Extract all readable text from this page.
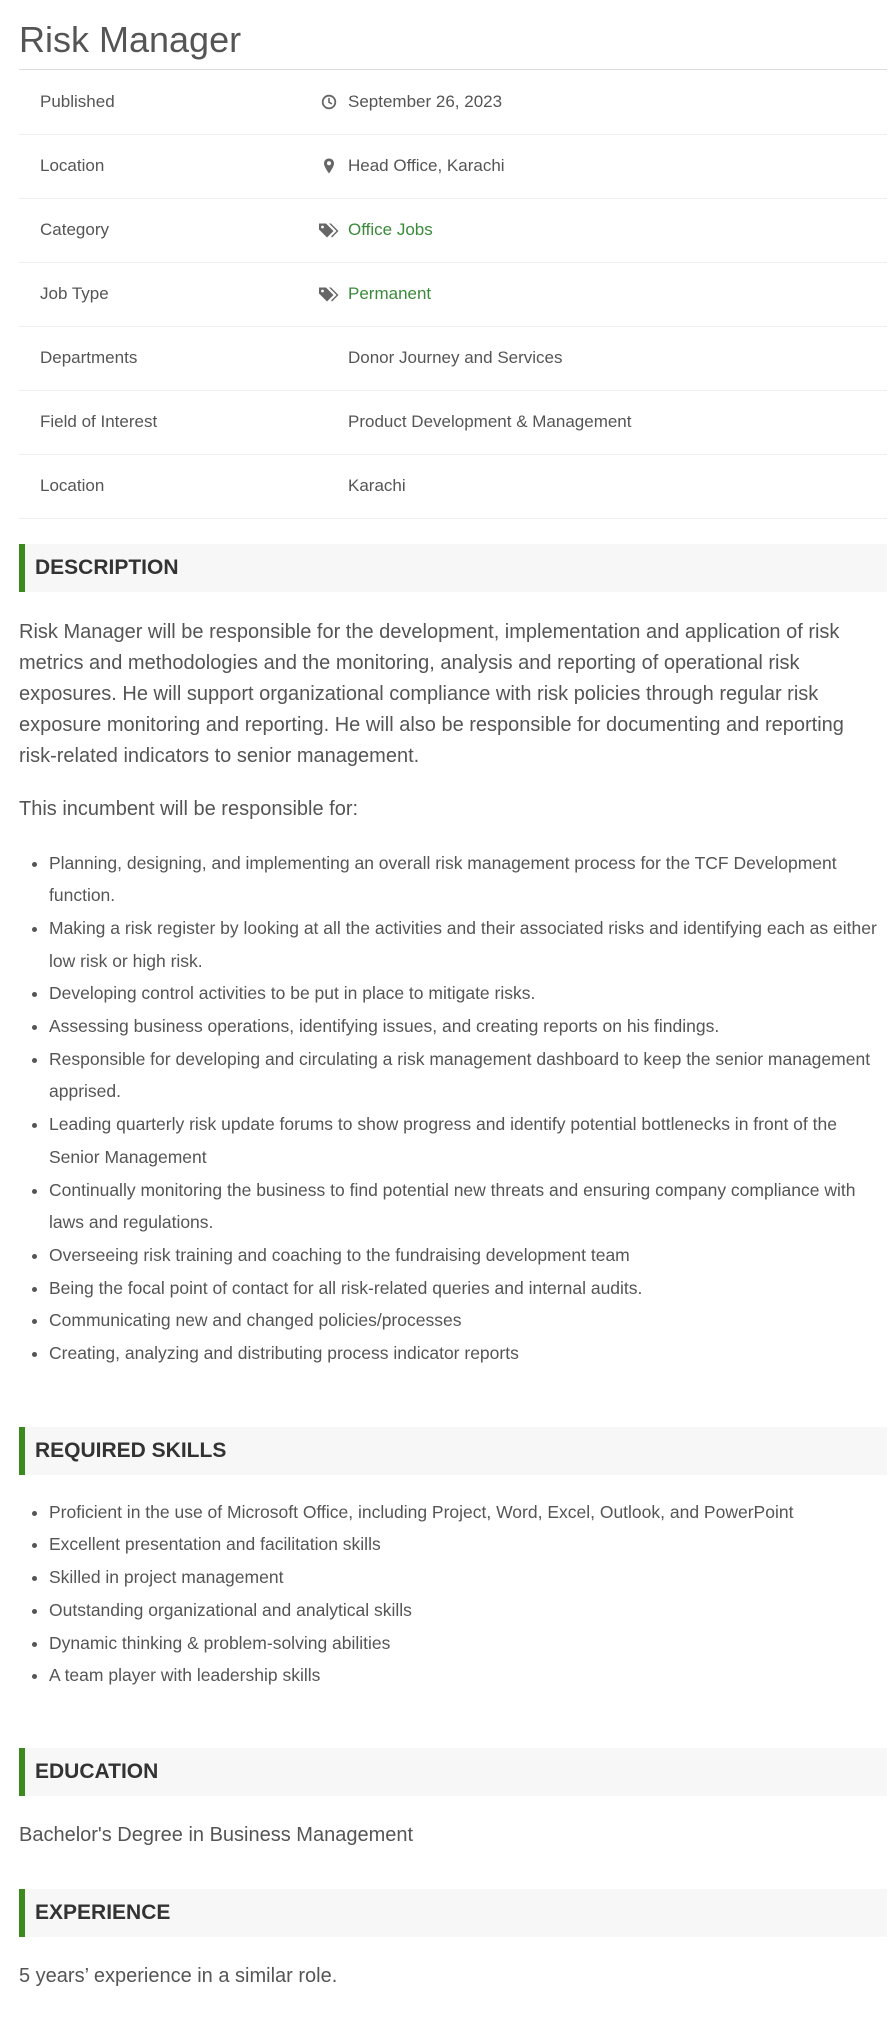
Risk Manager
Published		September 26, 2023
Location		Head Office, Karachi
Category		Office Jobs
Job Type		Permanent
Departments		Donor Journey and Services
Field of Interest		Product Development & Management
Location		Karachi
DESCRIPTION

Risk Manager will be responsible for the development, implementation and application of risk metrics and methodologies and the monitoring, analysis and reporting of operational risk exposures. He will support organizational compliance with risk policies through regular risk exposure monitoring and reporting. He will also be responsible for documenting and reporting risk-related indicators to senior management.

This incumbent will be responsible for:

• Planning, designing, and implementing an overall risk management process for the TCF Development function.
• Making a risk register by looking at all the activities and their associated risks and identifying each as either low risk or high risk.
• Developing control activities to be put in place to mitigate risks.
• Assessing business operations, identifying issues, and creating reports on his findings.
• Responsible for developing and circulating a risk management dashboard to keep the senior management apprised.
• Leading quarterly risk update forums to show progress and identify potential bottlenecks in front of the Senior Management
• Continually monitoring the business to find potential new threats and ensuring company compliance with laws and regulations.
• Overseeing risk training and coaching to the fundraising development team
• Being the focal point of contact for all risk-related queries and internal audits.
• Communicating new and changed policies/processes
• Creating, analyzing and distributing process indicator reports
REQUIRED SKILLS
• Proficient in the use of Microsoft Office, including Project, Word, Excel, Outlook, and PowerPoint
• Excellent presentation and facilitation skills
• Skilled in project management
• Outstanding organizational and analytical skills
• Dynamic thinking & problem-solving abilities
• A team player with leadership skills
EDUCATION

Bachelor's Degree in Business Management

EXPERIENCE

5 years’ experience in a similar role.
